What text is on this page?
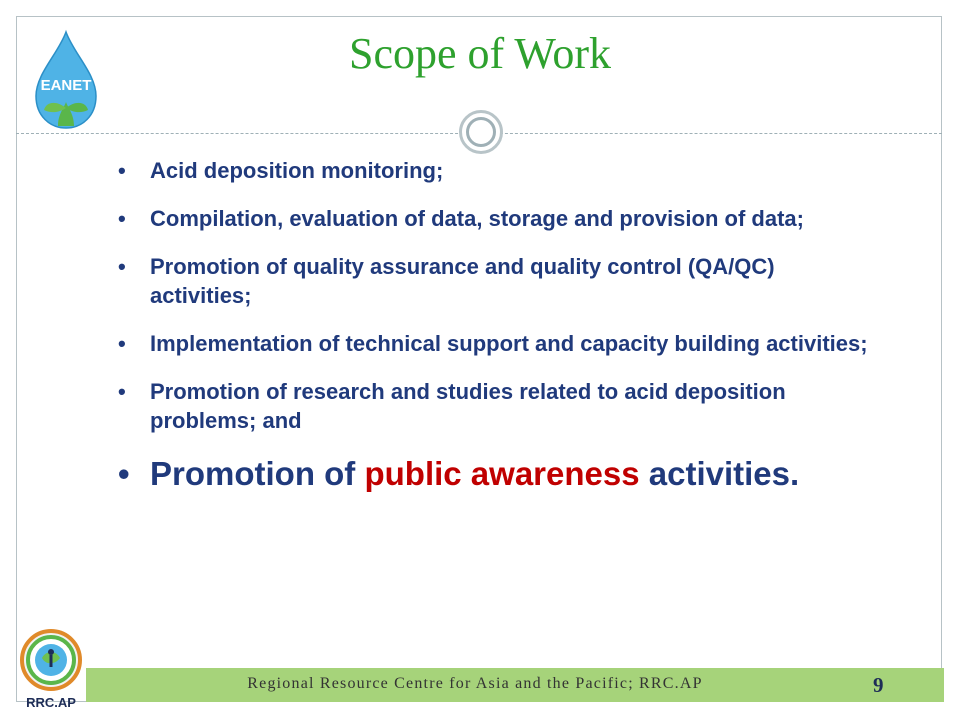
EANET
Scope of Work
• Acid deposition monitoring;
• Compilation, evaluation of data, storage and provision of data;
• Promotion of quality assurance and quality control (QA/QC) activities;
• Implementation of technical support and capacity building activities;
• Promotion of research and studies related to acid deposition problems; and
• Promotion of public awareness activities.
Regional Resource Centre for Asia and the Pacific; RRC.AP	9
RRC.AP
